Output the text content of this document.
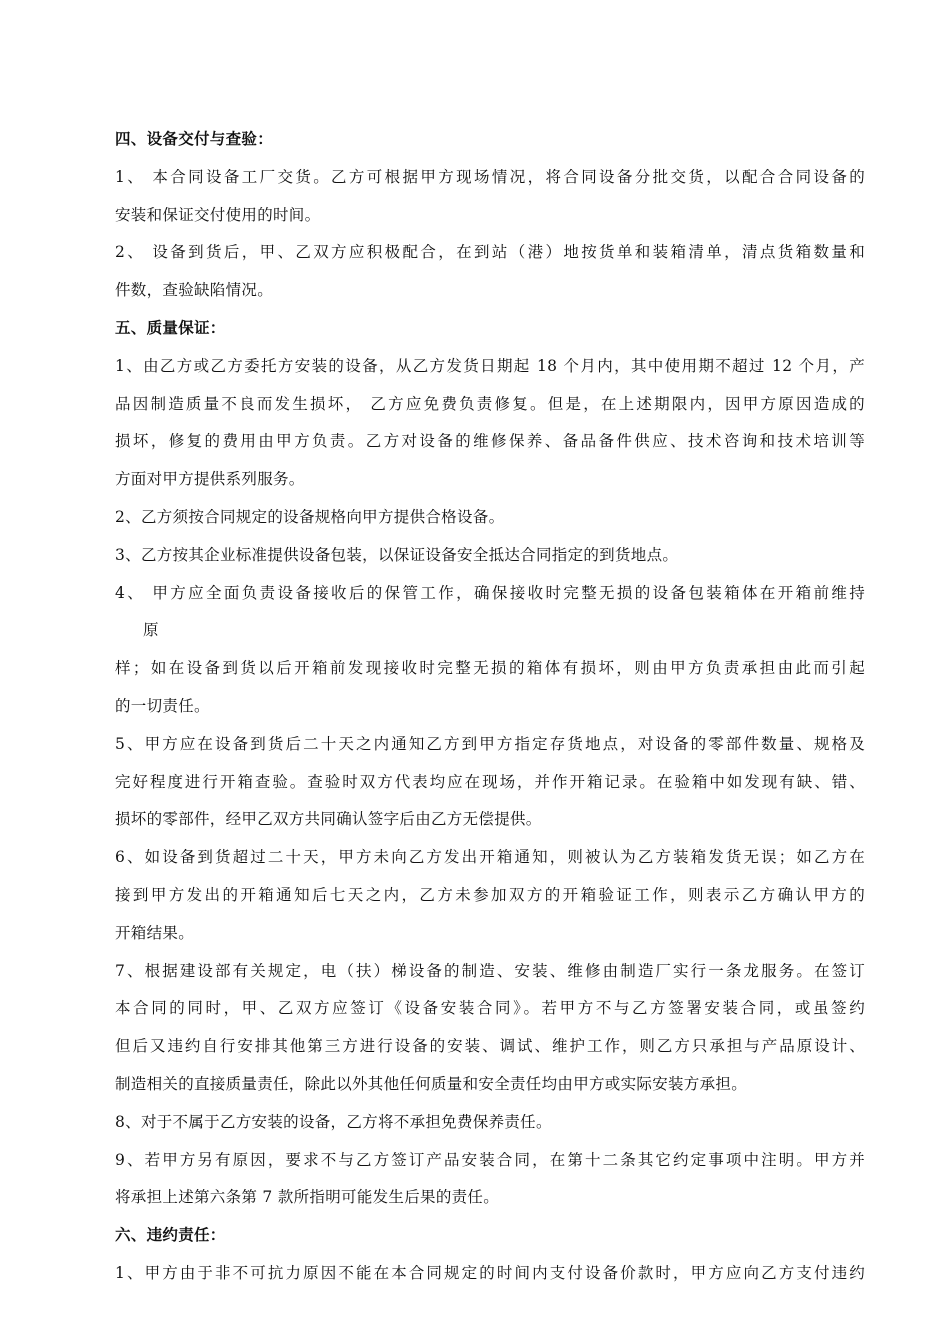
四、设备交付与查验：
1、 本合同设备工厂交货。乙方可根据甲方现场情况，将合同设备分批交货，以配合合同设备的
安装和保证交付使用的时间。
2、 设备到货后，甲、乙双方应积极配合，在到站（港）地按货单和装箱清单，清点货箱数量和
件数，查验缺陷情况。
五、质量保证：
1、由乙方或乙方委托方安装的设备，从乙方发货日期起 18 个月内，其中使用期不超过 12 个月，产
品因制造质量不良而发生损坏， 乙方应免费负责修复。但是，在上述期限内，因甲方原因造成的
损坏，修复的费用由甲方负责。乙方对设备的维修保养、备品备件供应、技术咨询和技术培训等
方面对甲方提供系列服务。
2、乙方须按合同规定的设备规格向甲方提供合格设备。
3、乙方按其企业标准提供设备包装，以保证设备安全抵达合同指定的到货地点。
4、 甲方应全面负责设备接收后的保管工作，确保接收时完整无损的设备包装箱体在开箱前维持
原
样；如在设备到货以后开箱前发现接收时完整无损的箱体有损坏，则由甲方负责承担由此而引起
的一切责任。
5、甲方应在设备到货后二十天之内通知乙方到甲方指定存货地点，对设备的零部件数量、规格及
完好程度进行开箱查验。查验时双方代表均应在现场，并作开箱记录。在验箱中如发现有缺、错、
损坏的零部件，经甲乙双方共同确认签字后由乙方无偿提供。
6、如设备到货超过二十天，甲方未向乙方发出开箱通知，则被认为乙方装箱发货无误；如乙方在
接到甲方发出的开箱通知后七天之内，乙方未参加双方的开箱验证工作，则表示乙方确认甲方的
开箱结果。
7、根据建设部有关规定，电（扶）梯设备的制造、安装、维修由制造厂实行一条龙服务。在签订
本合同的同时，甲、乙双方应签订《设备安装合同》。若甲方不与乙方签署安装合同，或虽签约
但后又违约自行安排其他第三方进行设备的安装、调试、维护工作，则乙方只承担与产品原设计、
制造相关的直接质量责任，除此以外其他任何质量和安全责任均由甲方或实际安装方承担。
8、对于不属于乙方安装的设备，乙方将不承担免费保养责任。
9、若甲方另有原因，要求不与乙方签订产品安装合同，在第十二条其它约定事项中注明。甲方并
将承担上述第六条第 7 款所指明可能发生后果的责任。
六、违约责任：
1、甲方由于非不可抗力原因不能在本合同规定的时间内支付设备价款时，甲方应向乙方支付违约
